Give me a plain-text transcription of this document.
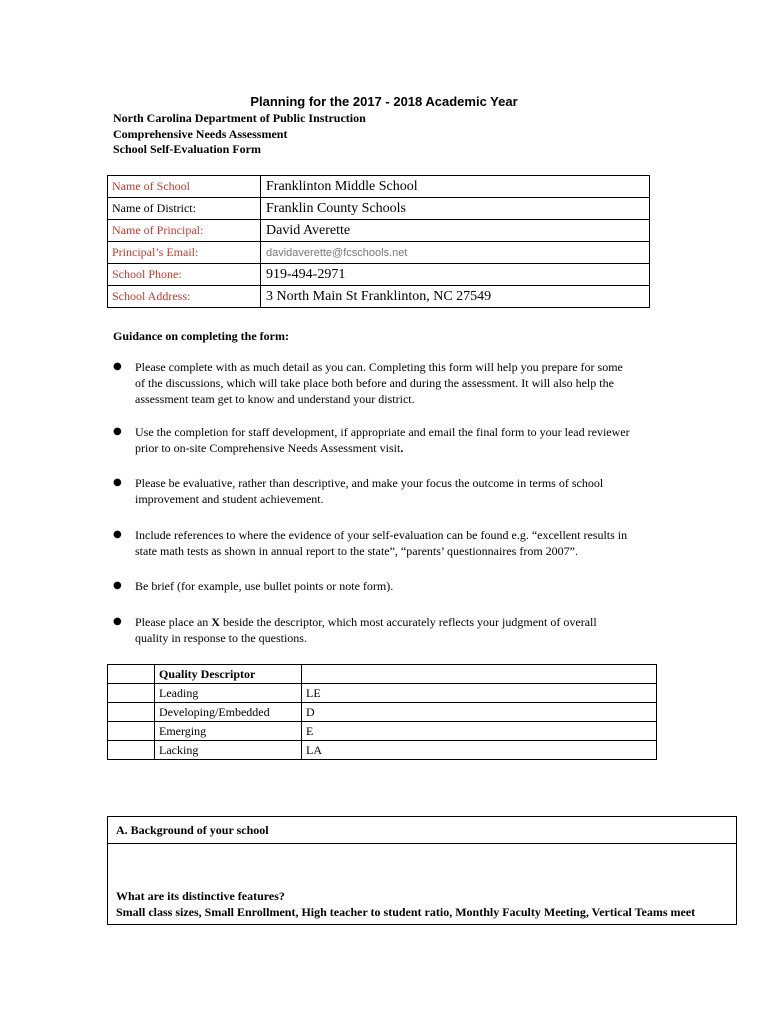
Planning for the 2017 - 2018 Academic Year
North Carolina Department of Public Instruction
Comprehensive Needs Assessment
School Self-Evaluation Form
Name of School	Franklinton Middle School
Name of District:	Franklin County Schools
Name of Principal:	David Averette
Principal’s Email:	davidaverette@fcschools.net
School Phone:	919-494-2971
School Address:	3 North Main St Franklinton, NC 27549
Guidance on completing the form:
● Please complete with as much detail as you can. Completing this form will help you prepare for some of the discussions, which will take place both before and during the assessment. It will also help the assessment team get to know and understand your district.
● Use the completion for staff development, if appropriate and email the final form to your lead reviewer prior to on-site Comprehensive Needs Assessment visit.
● Please be evaluative, rather than descriptive, and make your focus the outcome in terms of school improvement and student achievement.
● Include references to where the evidence of your self-evaluation can be found e.g. “excellent results in state math tests as shown in annual report to the state”, “parents’ questionnaires from 2007”.
● Be brief (for example, use bullet points or note form).
● Please place an X beside the descriptor, which most accurately reflects your judgment of overall quality in response to the questions.
	Quality Descriptor	
	Leading	LE
	Developing/Embedded	D
	Emerging	E
	Lacking	LA
A. Background of your school

What are its distinctive features?
Small class sizes, Small Enrollment, High teacher to student ratio, Monthly Faculty Meeting, Vertical Teams meet
